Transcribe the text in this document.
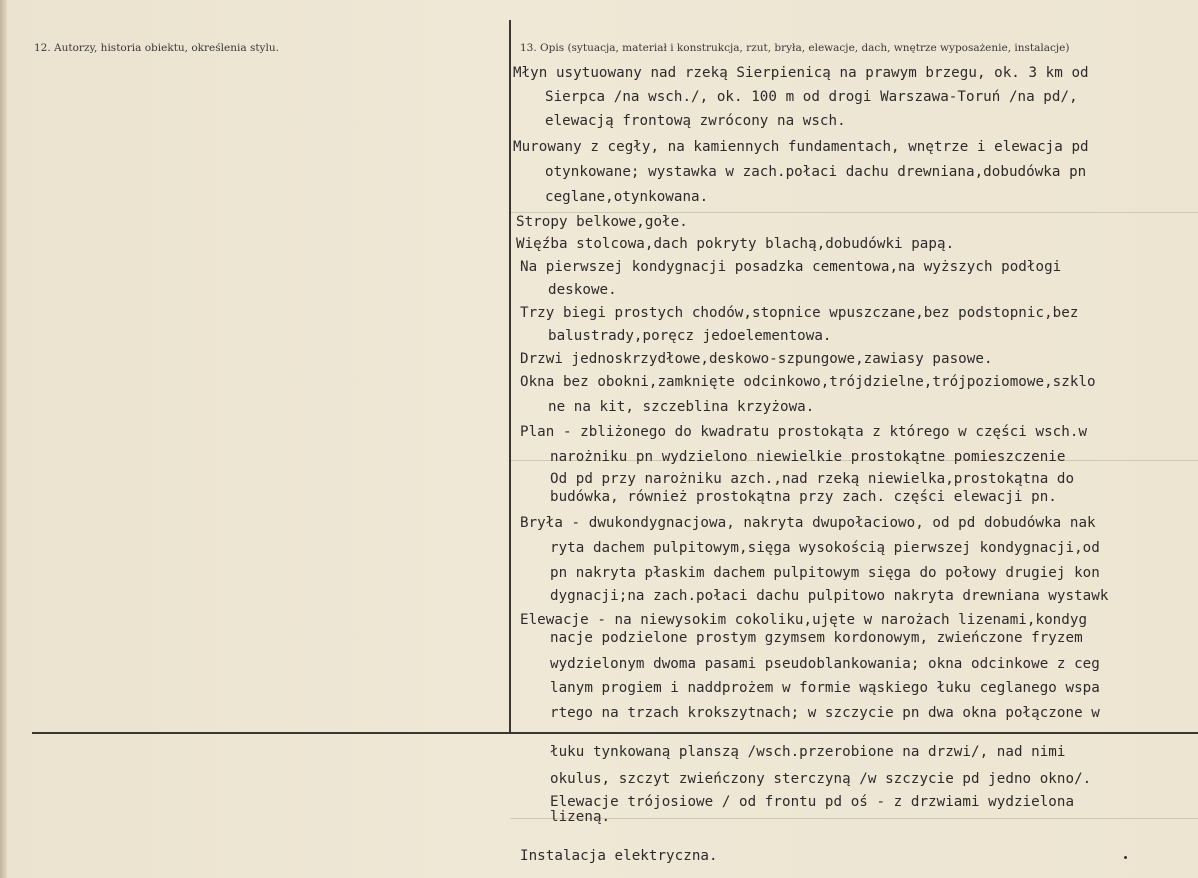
12. Autorzy, historia obiektu, określenia stylu.	13. Opis (sytuacja, materiał i konstrukcja, rzut, bryła, elewacje, dach, wnętrze wyposażenie, instalacje)
Młyn usytuowany nad rzeką Sierpienicą na prawym brzegu, ok. 3 km od
Sierpca /na wsch./, ok. 100 m od drogi Warszawa-Toruń /na pd/,
elewacją frontową zwrócony na wsch.
Murowany z cegły, na kamiennych fundamentach, wnętrze i elewacja pd
otynkowane; wystawka w zach.połaci dachu drewniana,dobudówka pn
ceglane,otynkowana.
Stropy belkowe,gołe.
Więźba stolcowa,dach pokryty blachą,dobudówki papą.
Na pierwszej kondygnacji posadzka cementowa,na wyższych podłogi
deskowe.
Trzy biegi prostych chodów,stopnice wpuszczane,bez podstopnic,bez
balustrady,poręcz jedoelementowa.
Drzwi jednoskrzydłowe,deskowo-szpungowe,zawiasy pasowe.
Okna bez obokni,zamknięte odcinkowo,trójdzielne,trójpoziomowe,szklo
ne na kit, szczeblina krzyżowa.
Plan - zbliżonego do kwadratu prostokąta z którego w części wsch.w
narożniku pn wydzielono niewielkie prostokątne pomieszczenie
Od pd przy narożniku azch.,nad rzeką niewielka,prostokątna do
budówka, również prostokątna przy zach. części elewacji pn.
Bryła - dwukondygnacjowa, nakryta dwupołaciowo, od pd dobudówka nak
ryta dachem pulpitowym,sięga wysokością pierwszej kondygnacji,od
pn nakryta płaskim dachem pulpitowym sięga do połowy drugiej kon
dygnacji;na zach.połaci dachu pulpitowo nakryta drewniana wystawk
Elewacje - na niewysokim cokoliku,ujęte w narożach lizenami,kondyg
nacje podzielone prostym gzymsem kordonowym, zwieńczone fryzem
wydzielonym dwoma pasami pseudoblankowania; okna odcinkowe z ceg
lanym progiem i naddprożem w formie wąskiego łuku ceglanego wspa
rtego na trzach krokszytnach; w szczycie pn dwa okna połączone w
łuku tynkowaną planszą /wsch.przerobione na drzwi/, nad nimi
okulus, szczyt zwieńczony sterczyną /w szczycie pd jedno okno/.
Elewacje trójosiowe / od frontu pd oś - z drzwiami wydzielona
lizeną.
Instalacja elektryczna.
